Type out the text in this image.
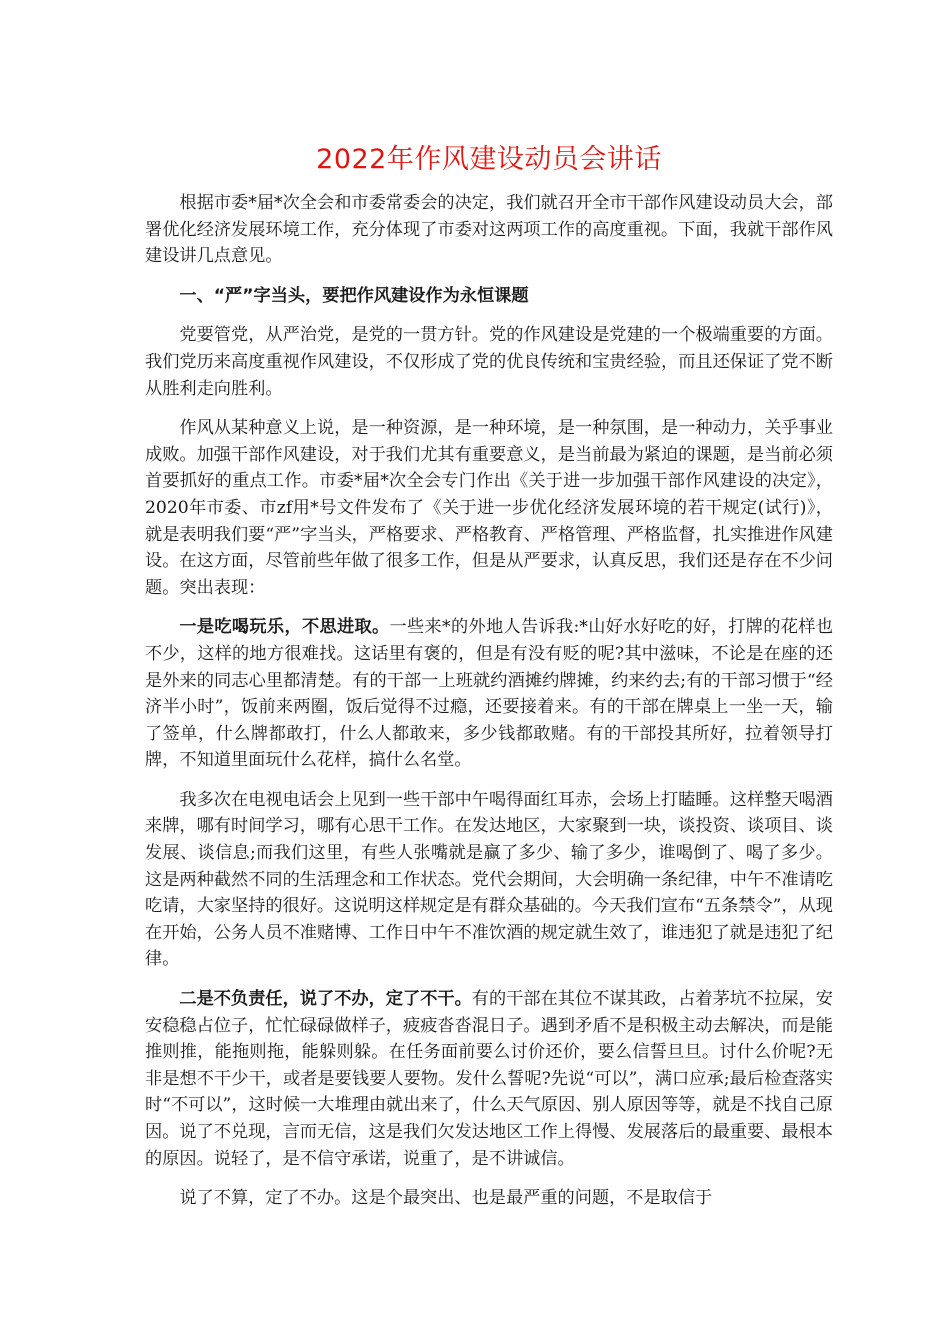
2022年作风建设动员会讲话

根据市委*届*次全会和市委常委会的决定，我们就召开全市干部作风建设动员大会，部署优化经济发展环境工作，充分体现了市委对这两项工作的高度重视。下面，我就干部作风建设讲几点意见。

一、“严”字当头，要把作风建设作为永恒课题

党要管党，从严治党，是党的一贯方针。党的作风建设是党建的一个极端重要的方面。我们党历来高度重视作风建设，不仅形成了党的优良传统和宝贵经验，而且还保证了党不断从胜利走向胜利。

作风从某种意义上说，是一种资源，是一种环境，是一种氛围，是一种动力，关乎事业成败。加强干部作风建设，对于我们尤其有重要意义，是当前最为紧迫的课题，是当前必须首要抓好的重点工作。市委*届*次全会专门作出《关于进一步加强干部作风建设的决定》，2020年市委、市zf用*号文件发布了《关于进一步优化经济发展环境的若干规定(试行)》，就是表明我们要“严”字当头，严格要求、严格教育、严格管理、严格监督，扎实推进作风建设。在这方面，尽管前些年做了很多工作，但是从严要求，认真反思，我们还是存在不少问题。突出表现：

一是吃喝玩乐，不思进取。一些来*的外地人告诉我:*山好水好吃的好，打牌的花样也不少，这样的地方很难找。这话里有褒的，但是有没有贬的呢?其中滋味，不论是在座的还是外来的同志心里都清楚。有的干部一上班就约酒摊约牌摊，约来约去;有的干部习惯于“经济半小时”，饭前来两圈，饭后觉得不过瘾，还要接着来。有的干部在牌桌上一坐一天，输了签单，什么牌都敢打，什么人都敢来，多少钱都敢赌。有的干部投其所好，拉着领导打牌，不知道里面玩什么花样，搞什么名堂。

我多次在电视电话会上见到一些干部中午喝得面红耳赤，会场上打瞌睡。这样整天喝酒来牌，哪有时间学习，哪有心思干工作。在发达地区，大家聚到一块，谈投资、谈项目、谈发展、谈信息;而我们这里，有些人张嘴就是赢了多少、输了多少，谁喝倒了、喝了多少。这是两种截然不同的生活理念和工作状态。党代会期间，大会明确一条纪律，中午不准请吃吃请，大家坚持的很好。这说明这样规定是有群众基础的。今天我们宣布“五条禁令”，从现在开始，公务人员不准赌博、工作日中午不准饮酒的规定就生效了，谁违犯了就是违犯了纪律。

二是不负责任，说了不办，定了不干。有的干部在其位不谋其政，占着茅坑不拉屎，安安稳稳占位子，忙忙碌碌做样子，疲疲沓沓混日子。遇到矛盾不是积极主动去解决，而是能推则推，能拖则拖，能躲则躲。在任务面前要么讨价还价，要么信誓旦旦。讨什么价呢?无非是想不干少干，或者是要钱要人要物。发什么誓呢?先说“可以”，满口应承;最后检查落实时“不可以”，这时候一大堆理由就出来了，什么天气原因、别人原因等等，就是不找自己原因。说了不兑现，言而无信，这是我们欠发达地区工作上得慢、发展落后的最重要、最根本的原因。说轻了，是不信守承诺，说重了，是不讲诚信。

说了不算，定了不办。这是个最突出、也是最严重的问题，不是取信于
